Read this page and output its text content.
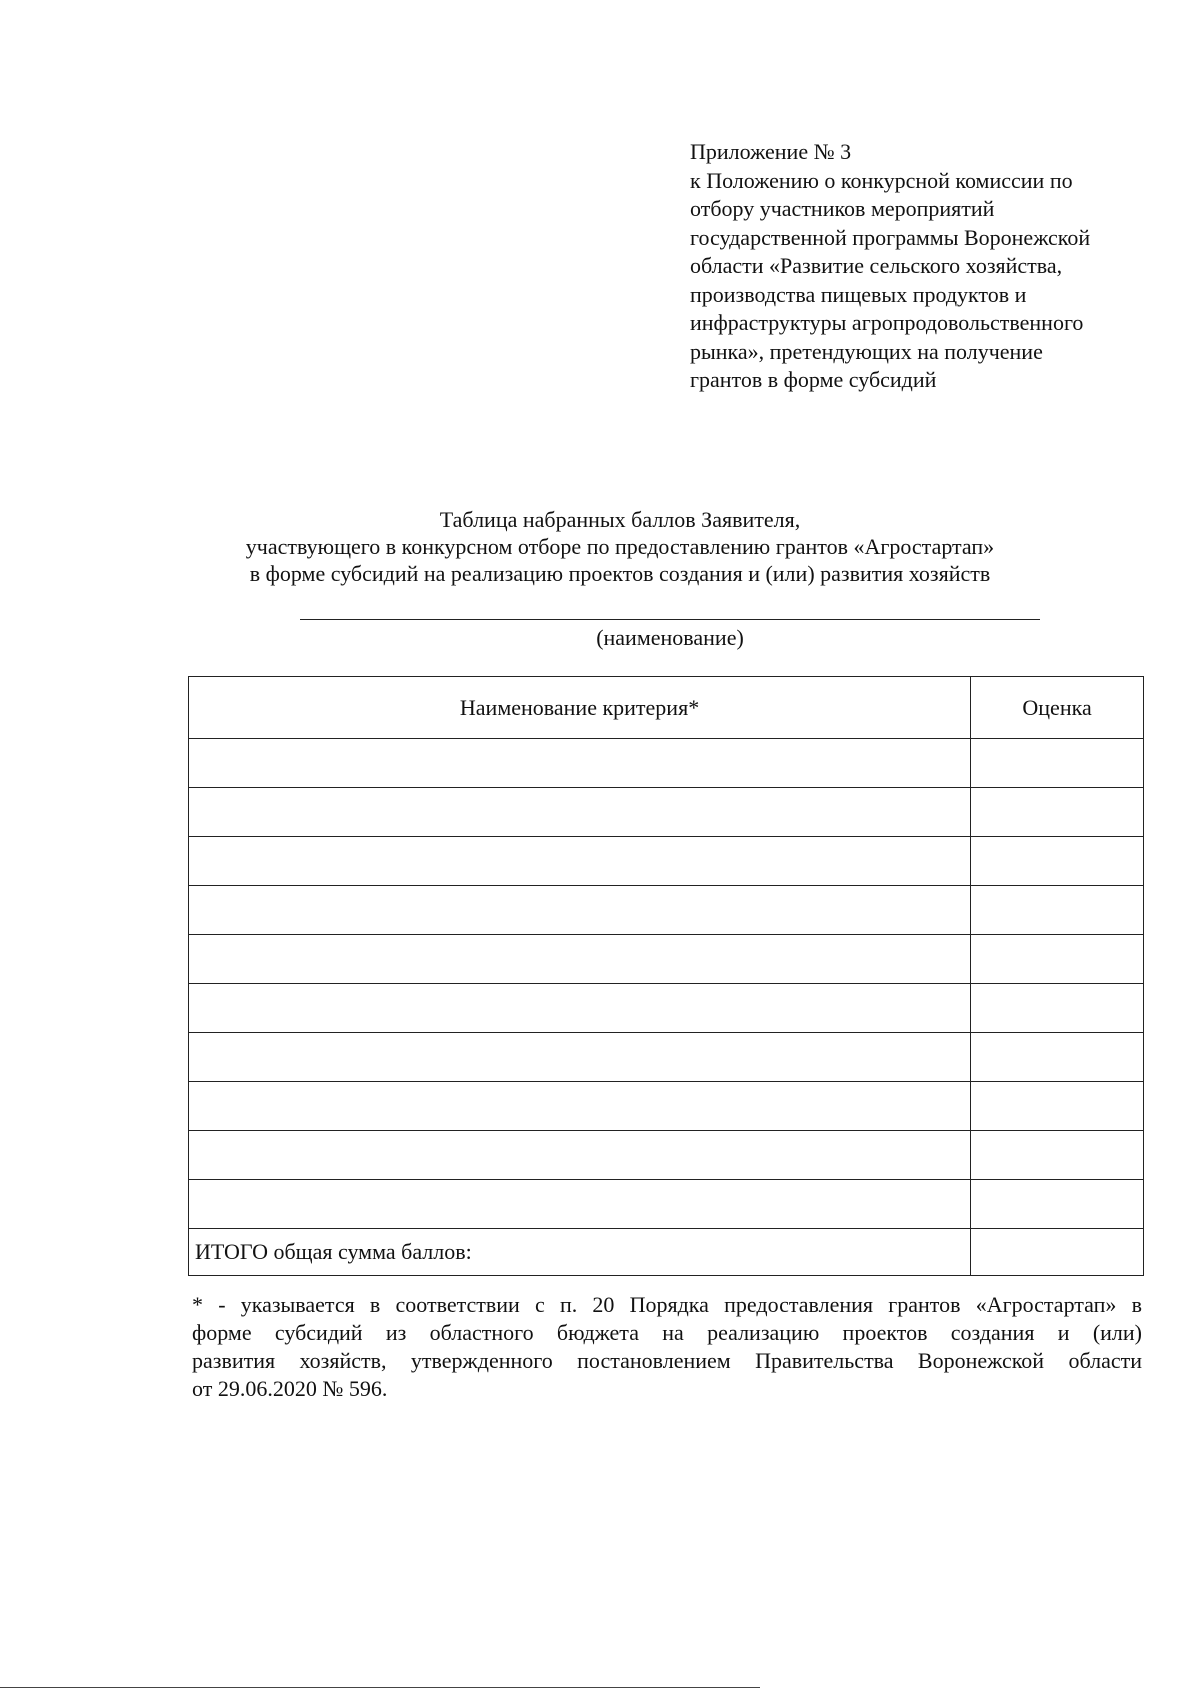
Приложение № 3
к Положению о конкурсной комиссии по
отбору участников мероприятий
государственной программы Воронежской
области «Развитие сельского хозяйства,
производства пищевых продуктов и
инфраструктуры агропродовольственного
рынка», претендующих на получение
грантов в форме субсидий
Таблица набранных баллов Заявителя,
участвующего в конкурсном отборе по предоставлению грантов «Агростартап»
в форме субсидий на реализацию проектов создания и (или) развития хозяйств
(наименование)
Наименование критерия*	Оценка

ИТОГО общая сумма баллов:	
* - указывается в соответствии с п. 20 Порядка предоставления грантов «Агростартап» в
форме субсидий из областного бюджета на реализацию проектов создания и (или)
развития хозяйств, утвержденного постановлением Правительства Воронежской области
от 29.06.2020 № 596.
